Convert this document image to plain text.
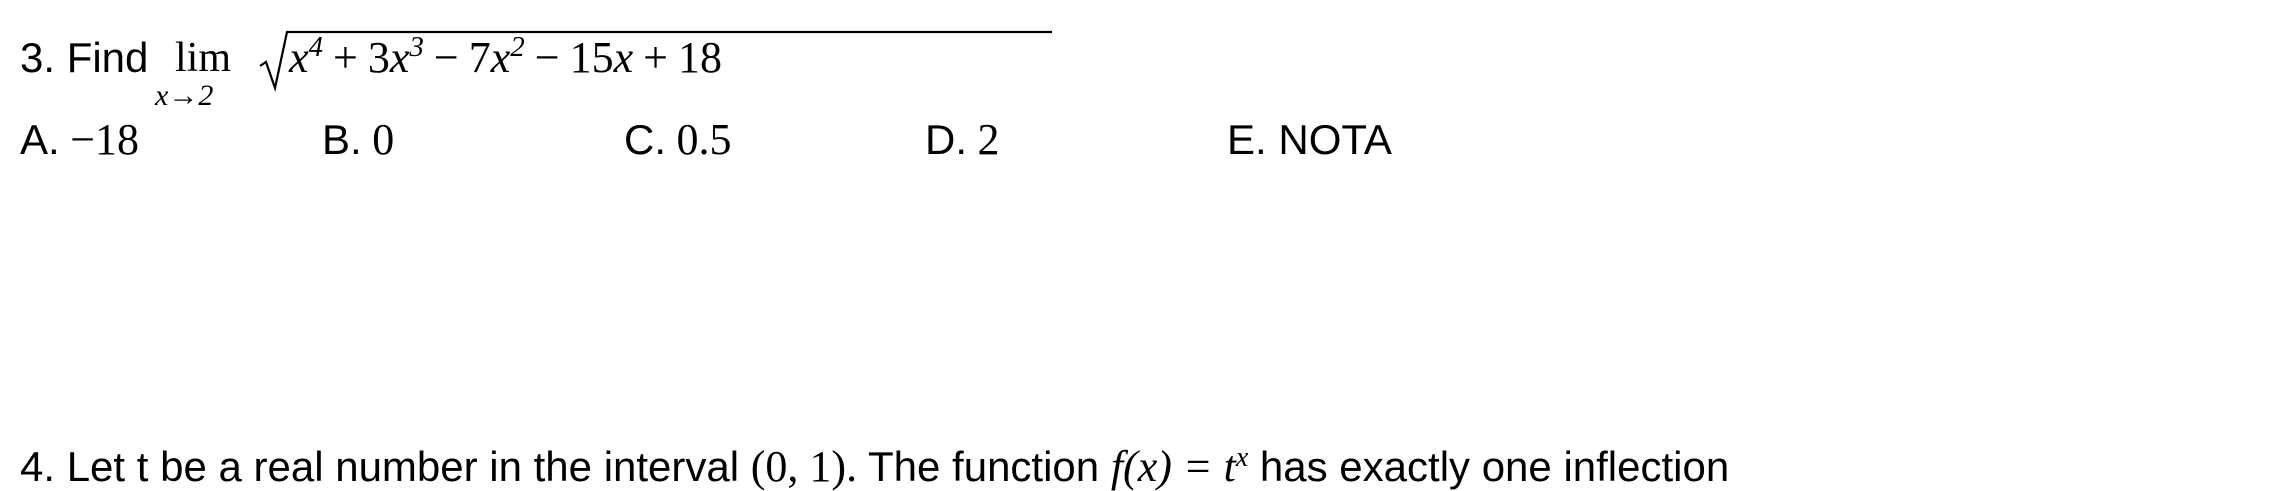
3. Find lim
x→2
$x^4 + 3x^3 - 7x^2 - 15x + 18$
A. −18	B. 0	C. 0.5	D. 2	E. NOTA
4. Let t be a real number in the interval (0, 1). The function $f(x) = t^x$ has exactly one inflection
